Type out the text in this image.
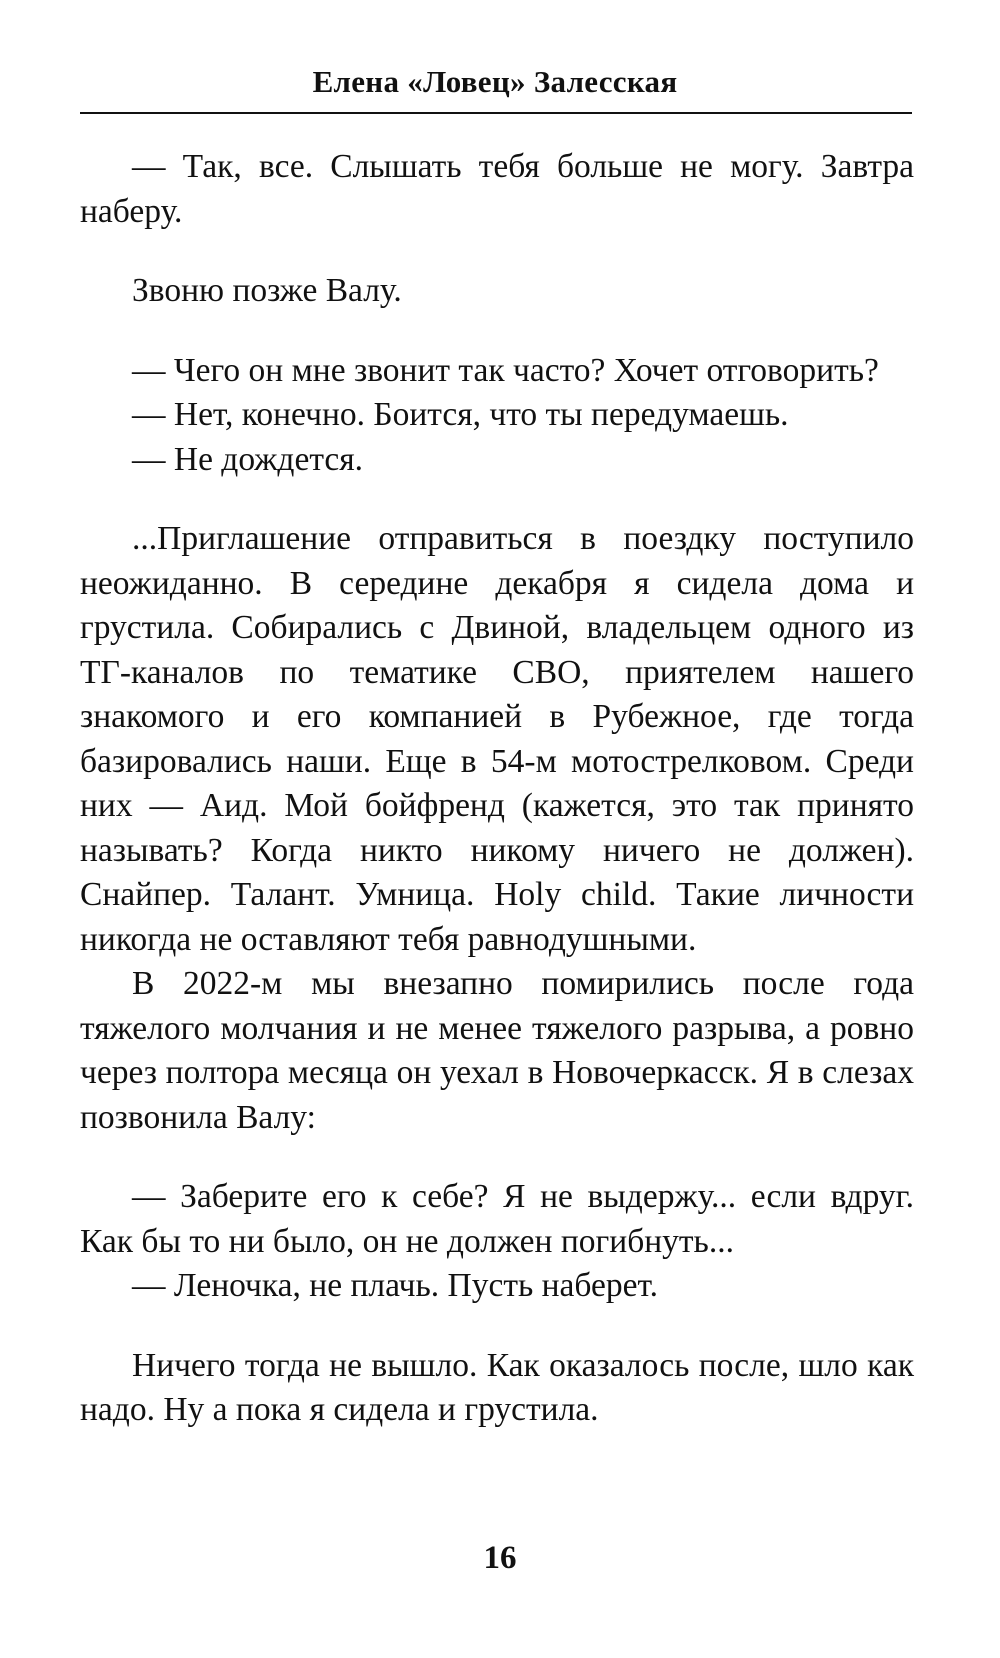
Елена «Ловец» Залесская

— Так, все. Слышать тебя больше не могу. Завтра наберу.

Звоню позже Валу.

— Чего он мне звонит так часто? Хочет отговорить?

— Нет, конечно. Боится, что ты передумаешь.

— Не дождется.

...Приглашение отправиться в поездку поступило неожиданно. В середине декабря я сидела дома и грустила. Собирались с Двиной, владельцем одного из ТГ-каналов по тематике СВО, приятелем нашего знакомого и его компанией в Рубежное, где тогда базировались наши. Еще в 54-м мотострелковом. Среди них — Аид. Мой бойфренд (кажется, это так принято называть? Когда никто никому ничего не должен). Снайпер. Талант. Умница. Holy child. Такие личности никогда не оставляют тебя равнодушными.

В 2022-м мы внезапно помирились после года тяжелого молчания и не менее тяжелого разрыва, а ровно через полтора месяца он уехал в Новочеркасск. Я в слезах позвонила Валу:

— Заберите его к себе? Я не выдержу... если вдруг. Как бы то ни было, он не должен погибнуть...

— Леночка, не плачь. Пусть наберет.

Ничего тогда не вышло. Как оказалось после, шло как надо. Ну а пока я сидела и грустила.

16
